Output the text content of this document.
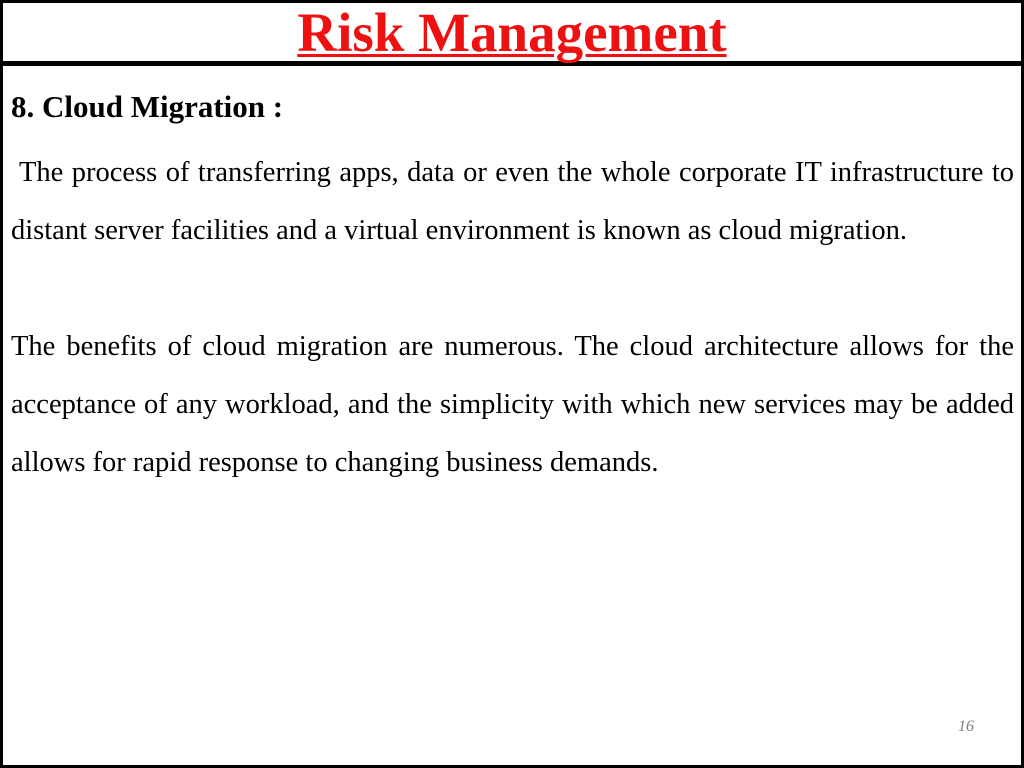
Risk Management
8. Cloud Migration :

The process of transferring apps, data or even the whole corporate IT infrastructure to distant server facilities and a virtual environment is known as cloud migration.

The benefits of cloud migration are numerous. The cloud architecture allows for the acceptance of any workload, and the simplicity with which new services may be added allows for rapid response to changing business demands.

16
